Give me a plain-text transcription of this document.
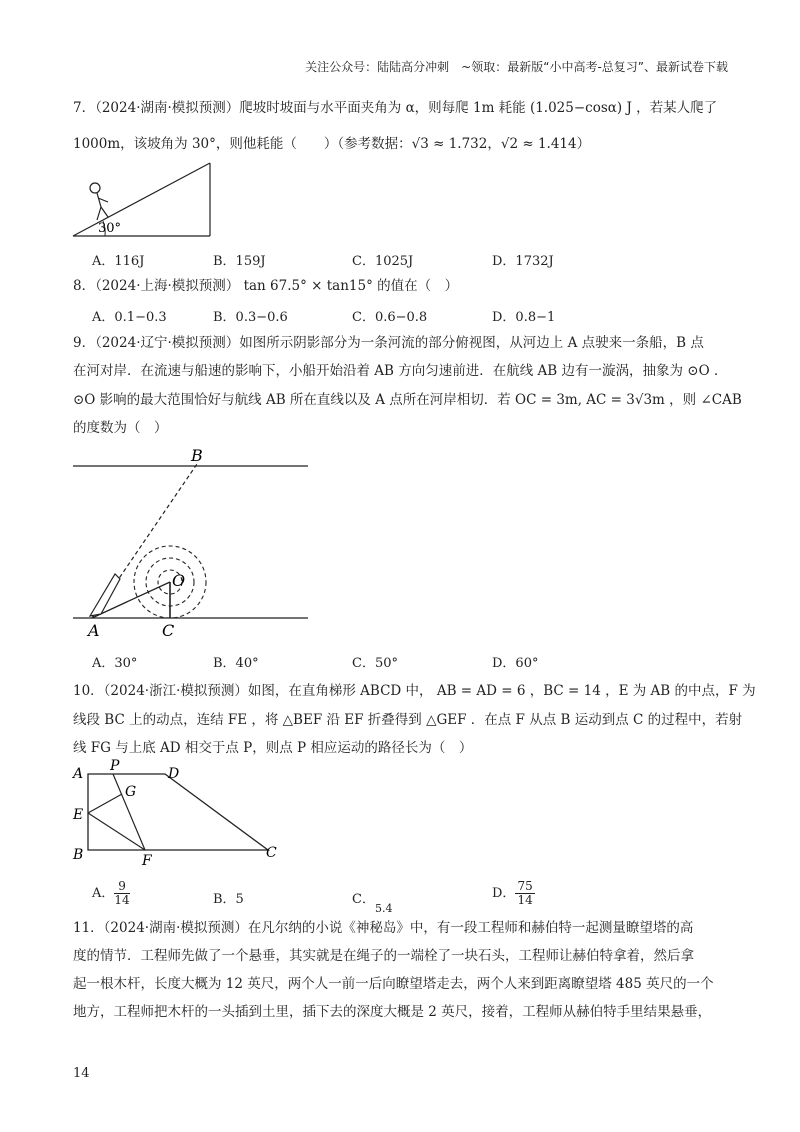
关注公众号：陆陆高分冲刺　~领取：最新版“小中高考-总复习”、最新试卷下载
7．（2024·湖南·模拟预测）爬坡时坡面与水平面夹角为 α，则每爬 1m 耗能 (1.025−cosα) J ，若某人爬了
1000m，该坡角为 30°，则他耗能（　　）（参考数据：√3 ≈ 1.732，√2 ≈ 1.414）
30°
A．116J	B．159J	C．1025J	D．1732J
8．（2024·上海·模拟预测） tan 67.5° × tan15° 的值在（　）
A．0.1−0.3	B．0.3−0.6	C．0.6−0.8	D．0.8−1
9．（2024·辽宁·模拟预测）如图所示阴影部分为一条河流的部分俯视图，从河边上 A 点驶来一条船，B 点
在河对岸．在流速与船速的影响下，小船开始沿着 AB 方向匀速前进．在航线 AB 边有一漩涡，抽象为 ⊙O ．
⊙O 影响的最大范围恰好与航线 AB 所在直线以及 A 点所在河岸相切．若 OC = 3m, AC = 3√3m ，则 ∠CAB
的度数为（　）
A
B
C
O
A．30°	B．40°	C．50°	D．60°
10．（2024·浙江·模拟预测）如图，在直角梯形 ABCD 中， AB = AD = 6 ，BC = 14 ，E 为 AB 的中点，F 为
线段 BC 上的动点，连结 FE ，将 △BEF 沿 EF 折叠得到 △GEF ．在点 F 从点 B 运动到点 C 的过程中，若射
线 FG 与上底 AD 相交于点 P，则点 P 相应运动的路径长为（　）
A P	D
G
E
B	F	C
A． $\frac{9}{14}$	B．5	C．$_{5.4}$
D． $\frac{75}{14}$
11．（2024·湖南·模拟预测）在凡尔纳的小说《神秘岛》中，有一段工程师和赫伯特一起测量瞭望塔的高
度的情节．工程师先做了一个悬垂，其实就是在绳子的一端栓了一块石头，工程师让赫伯特拿着，然后拿
起一根木杆，长度大概为 12 英尺，两个人一前一后向瞭望塔走去，两个人来到距离瞭望塔 485 英尺的一个
地方，工程师把木杆的一头插到土里，插下去的深度大概是 2 英尺，接着，工程师从赫伯特手里结果悬垂，
14
